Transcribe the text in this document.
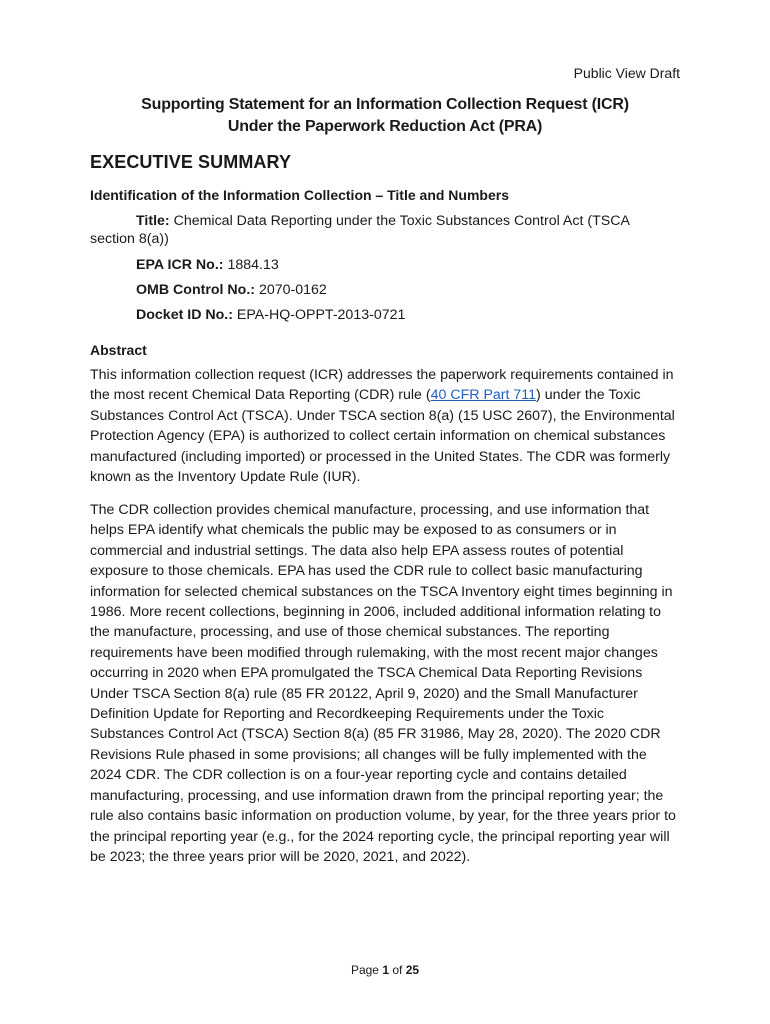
Public View Draft
Supporting Statement for an Information Collection Request (ICR)
Under the Paperwork Reduction Act (PRA)
EXECUTIVE SUMMARY
Identification of the Information Collection – Title and Numbers
Title: Chemical Data Reporting under the Toxic Substances Control Act (TSCA section 8(a))
EPA ICR No.: 1884.13
OMB Control No.: 2070-0162
Docket ID No.: EPA-HQ-OPPT-2013-0721
Abstract

This information collection request (ICR) addresses the paperwork requirements contained in the most recent Chemical Data Reporting (CDR) rule (40 CFR Part 711) under the Toxic Substances Control Act (TSCA). Under TSCA section 8(a) (15 USC 2607), the Environmental Protection Agency (EPA) is authorized to collect certain information on chemical substances manufactured (including imported) or processed in the United States. The CDR was formerly known as the Inventory Update Rule (IUR).

The CDR collection provides chemical manufacture, processing, and use information that helps EPA identify what chemicals the public may be exposed to as consumers or in commercial and industrial settings. The data also help EPA assess routes of potential exposure to those chemicals. EPA has used the CDR rule to collect basic manufacturing information for selected chemical substances on the TSCA Inventory eight times beginning in 1986. More recent collections, beginning in 2006, included additional information relating to the manufacture, processing, and use of those chemical substances. The reporting requirements have been modified through rulemaking, with the most recent major changes occurring in 2020 when EPA promulgated the TSCA Chemical Data Reporting Revisions Under TSCA Section 8(a) rule (85 FR 20122, April 9, 2020) and the Small Manufacturer Definition Update for Reporting and Recordkeeping Requirements under the Toxic Substances Control Act (TSCA) Section 8(a) (85 FR 31986, May 28, 2020). The 2020 CDR Revisions Rule phased in some provisions; all changes will be fully implemented with the 2024 CDR. The CDR collection is on a four-year reporting cycle and contains detailed manufacturing, processing, and use information drawn from the principal reporting year; the rule also contains basic information on production volume, by year, for the three years prior to the principal reporting year (e.g., for the 2024 reporting cycle, the principal reporting year will be 2023; the three years prior will be 2020, 2021, and 2022).

Page 1 of 25
